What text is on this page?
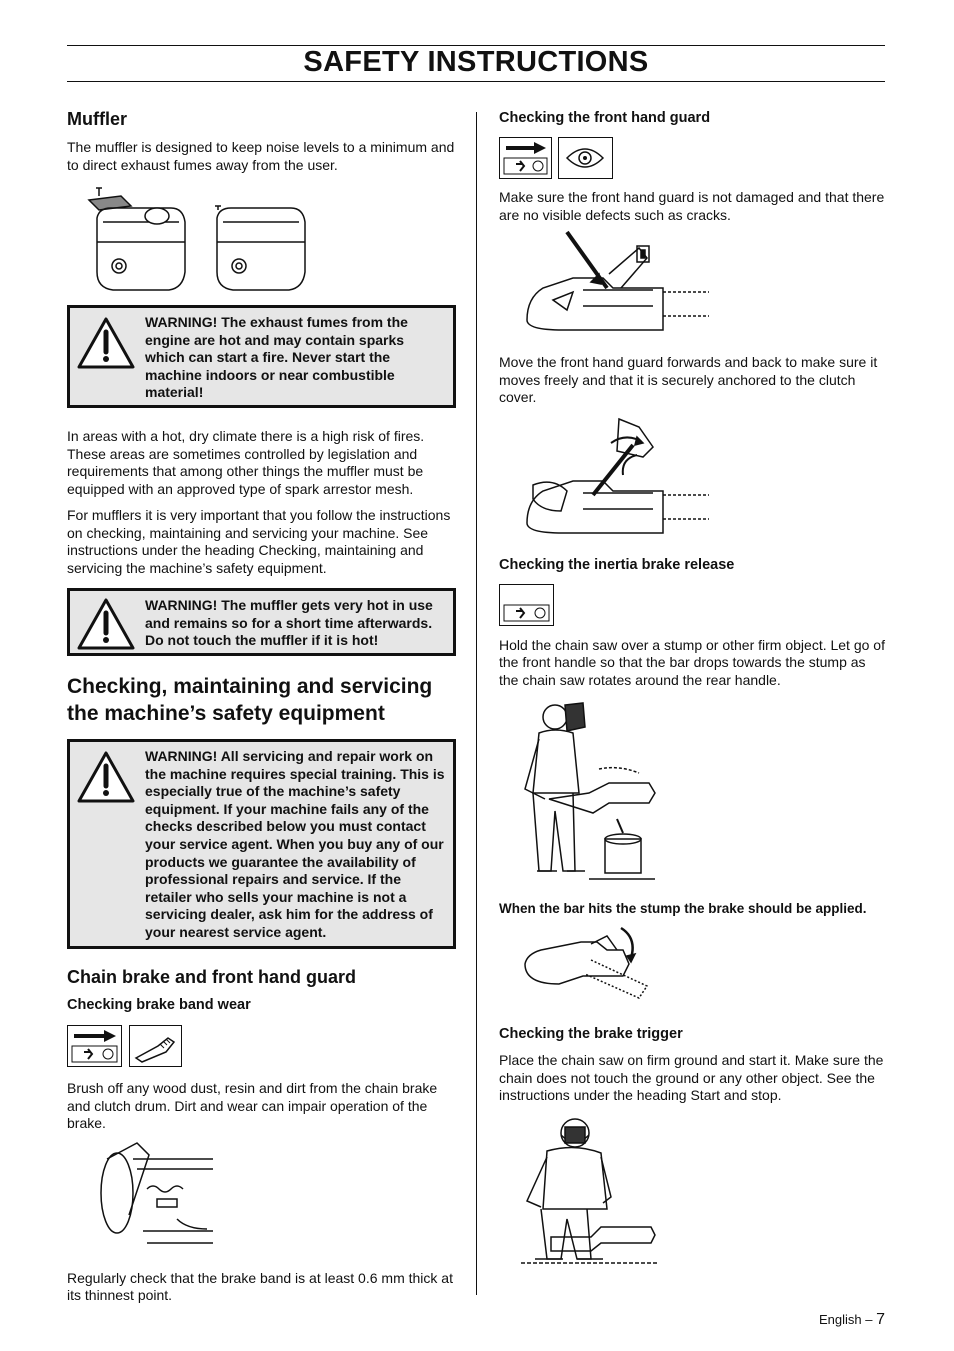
SAFETY INSTRUCTIONS
Muffler

The muffler is designed to keep noise levels to a minimum and to direct exhaust fumes away from the user.

WARNING! The exhaust fumes from the engine are hot and may contain sparks which can start a fire. Never start the machine indoors or near combustible material!

In areas with a hot, dry climate there is a high risk of fires. These areas are sometimes controlled by legislation and requirements that among other things the muffler must be equipped with an approved type of spark arrestor mesh.

For mufflers it is very important that you follow the instructions on checking, maintaining and servicing your machine. See instructions under the heading Checking, maintaining and servicing the machine’s safety equipment.

WARNING! The muffler gets very hot in use and remains so for a short time afterwards. Do not touch the muffler if it is hot!
Checking, maintaining and servicing the machine’s safety equipment
WARNING! All servicing and repair work on the machine requires special training. This is especially true of the machine’s safety equipment. If your machine fails any of the checks described below you must contact your service agent. When you buy any of our products we guarantee the availability of professional repairs and service. If the retailer who sells your machine is not a servicing dealer, ask him for the address of your nearest service agent.
Chain brake and front hand guard
Checking brake band wear

Brush off any wood dust, resin and dirt from the chain brake and clutch drum. Dirt and wear can impair operation of the brake.

Regularly check that the brake band is at least 0.6 mm thick at its thinnest point.

Checking the front hand guard

Make sure the front hand guard is not damaged and that there are no visible defects such as cracks.

Move the front hand guard forwards and back to make sure it moves freely and that it is securely anchored to the clutch cover.

Checking the inertia brake release

Hold the chain saw over a stump or other firm object. Let go of the front handle so that the bar drops towards the stump as the chain saw rotates around the rear handle.

When the bar hits the stump the brake should be applied.
Checking the brake trigger

Place the chain saw on firm ground and start it. Make sure the chain does not touch the ground or any other object. See the instructions under the heading Start and stop.

English – 7
